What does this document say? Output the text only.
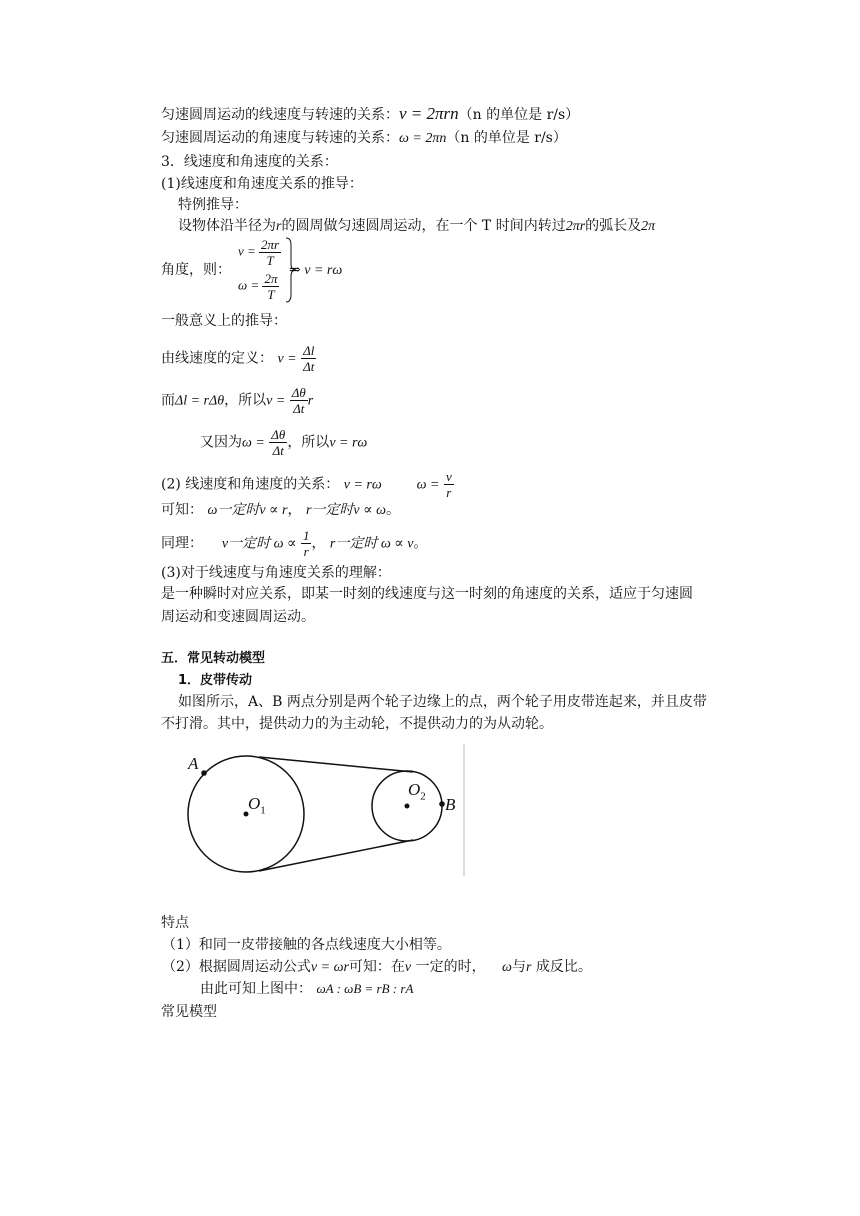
匀速圆周运动的线速度与转速的关系：v = 2πrn（n 的单位是 r/s）
匀速圆周运动的角速度与转速的关系：ω = 2πn（n 的单位是 r/s）
3．线速度和角速度的关系：
(1)线速度和角速度关系的推导：
特例推导：
设物体沿半径为r的圆周做匀速圆周运动，在一个 T 时间内转过2πr的弧长及2π
角度，则：
$v = \frac{2\pi r}{T}$
$\omega = \frac{2\pi}{T}$
⇒ v = rω
一般意义上的推导：
由线速度的定义： $v = \frac{\Delta l}{\Delta t}$
而Δl = rΔθ，所以$v = \frac{\Delta\theta}{\Delta t}$ r
又因为$\omega = \frac{\Delta\theta}{\Delta t}$ ，所以v = rω
(2) 线速度和角速度的关系： v = rω $\omega = \frac{v}{r}$
可知： ω一定时v ∝ r， r一定时v ∝ ω。
同理： v一定时 $\omega \propto \frac{1}{r}$ ， r一定时 ω ∝ v。
(3)对于线速度与角速度关系的理解：
是一种瞬时对应关系，即某一时刻的线速度与这一时刻的角速度的关系，适应于匀速圆
周运动和变速圆周运动。
五．常见转动模型
1．皮带传动
如图所示，A、B 两点分别是两个轮子边缘上的点，两个轮子用皮带连起来，并且皮带
不打滑。其中，提供动力的为主动轮，不提供动力的为从动轮。
A
$O_1$
$O_2$ B
特点
（1）和同一皮带接触的各点线速度大小相等。
（2）根据圆周运动公式v = ωr可知：在v 一定的时， ω与r 成反比。
由此可知上图中： ωA : ωB = rB : rA
常见模型
